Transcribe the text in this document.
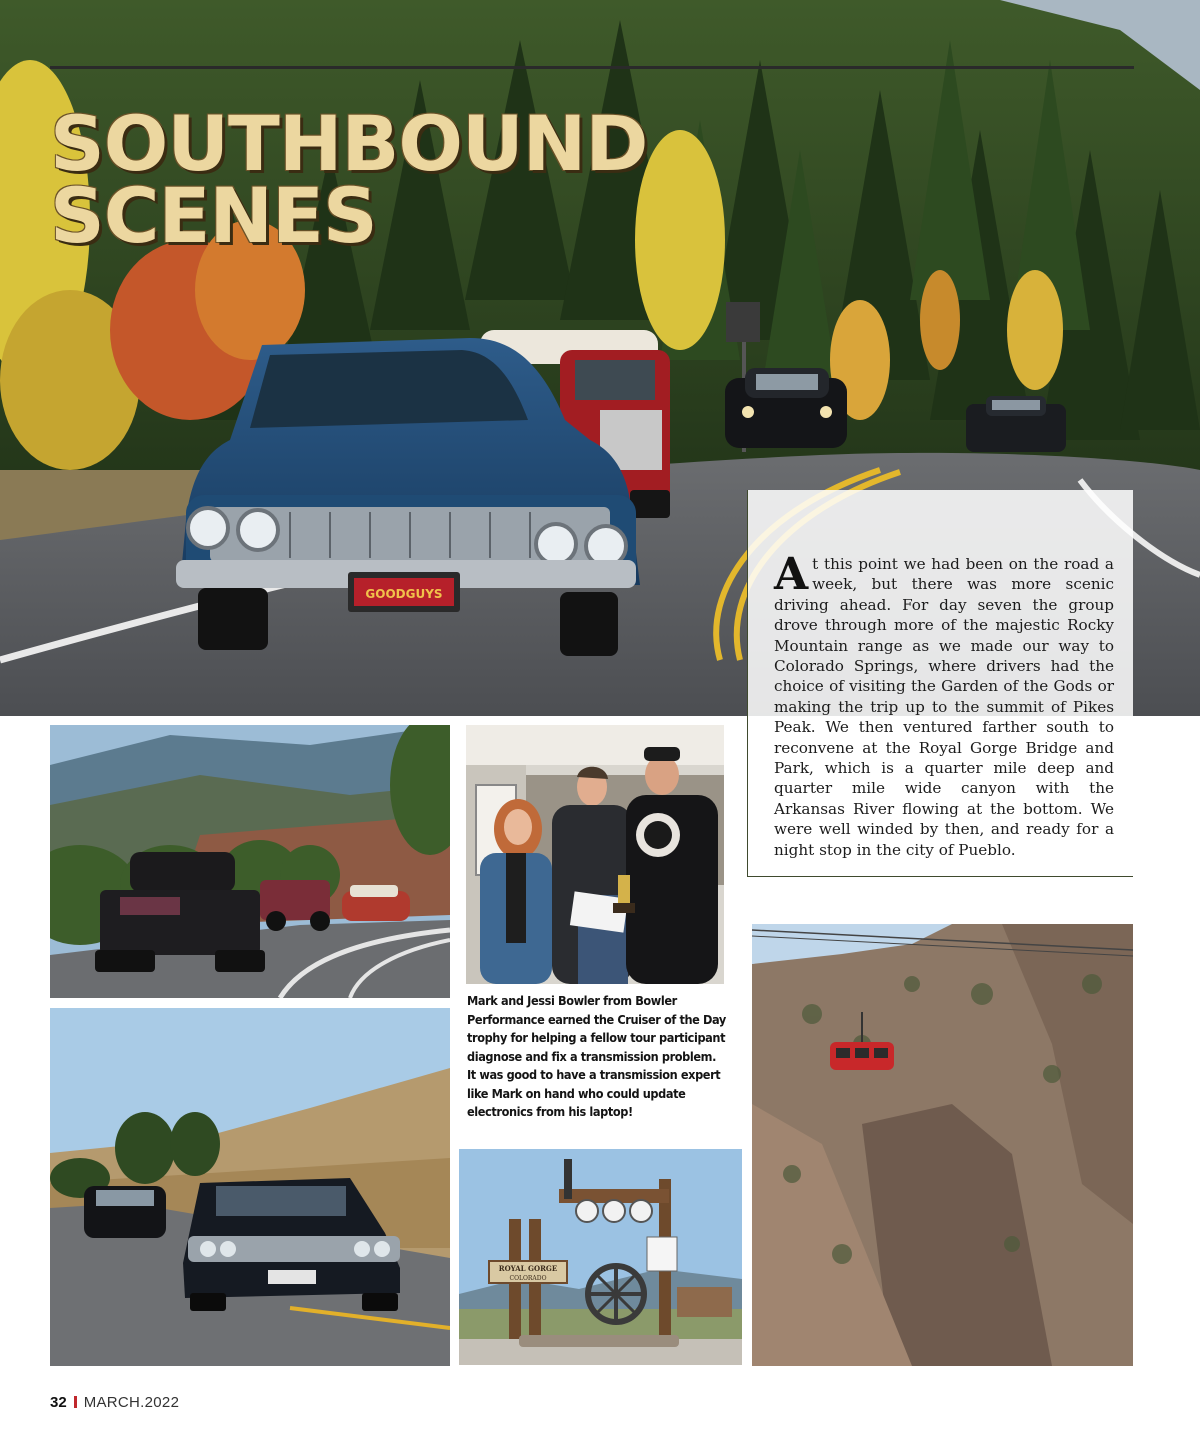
GOODGUYS
SOUTHBOUND
SCENES

At this point we had been on the road a week, but there was more scenic driving ahead. For day seven the group drove through more of the majestic Rocky Mountain range as we made our way to Colorado Springs, where drivers had the choice of visiting the Garden of the Gods or making the trip up to the summit of Pikes Peak. We then ventured farther south to reconvene at the Royal Gorge Bridge and Park, which is a quarter mile deep and quarter mile wide canyon with the Arkansas River flowing at the bottom. We were well winded by then, and ready for a night stop in the city of Pueblo.

Mark and Jessi Bowler from Bowler Performance earned the Cruiser of the Day trophy for helping a fellow tour participant diagnose and fix a transmission problem. It was good to have a transmission expert like Mark on hand who could update electronics from his laptop!

ROYAL GORGE
COLORADO
32 MARCH.2022
